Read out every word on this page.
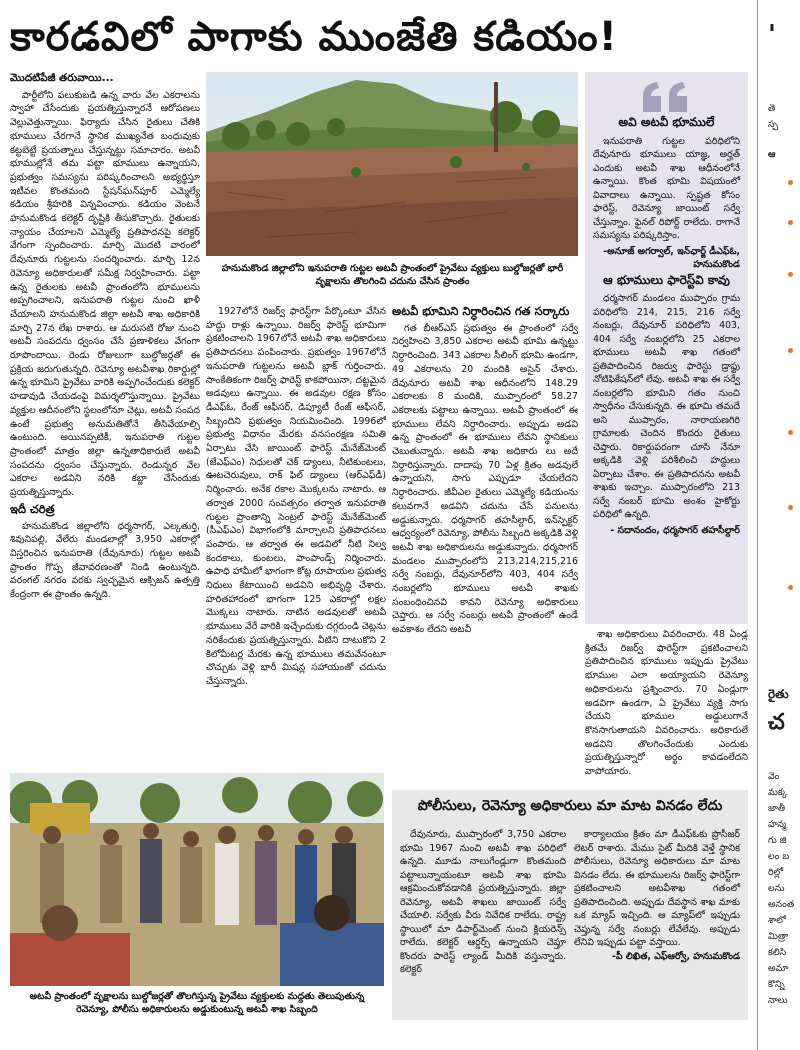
కారడవిలో పాగాకు ముంజేతి కడియం!

మొదటిపేజీ తరువాయి...

పార్టీలోని పలుకుబడి ఉన్న వారు వేల ఎకరాలను స్వాహా చేసేందుకు ప్రయత్నిస్తున్నారనే ఆరోపణలు వెల్లువెత్తున్నాయి. ఫిర్యాదు చేసిన రైతులు చేతికి భూములు చేరగానే స్థానిక ముఖ్యనేత బంధువుకు కట్టబెట్టే ప్రయత్నాలు చేస్తున్నట్టు సమాచారం. అటవీ భూముల్లోనే తమ పట్టా భూములు ఉన్నాయని, ప్రభుత్వం సమస్యను పరిష్కరించాలని అభ్యర్థిస్తూ ఇటీవల కొంతమంది స్టేషన్‌ఘన్‌పూర్ ఎమ్మెల్యే కడియం శ్రీహరికి విన్నవించారు. కడియం వెంటనే హనుమకొండ కలెక్టర్ దృష్టికి తీసుకొచ్చారు. రైతులకు న్యాయం చేయాలని ఎమ్మెల్యే ప్రతిపాదనపై కలెక్టర్ వేగంగా స్పందించారు. మార్చి మొదటి వారంలో దేవునూరు గుట్టలను సందర్శించారు. మార్చి 12న రెవెన్యూ అధికారులతో సమీక్ష నిర్వహించారు. పట్టా ఉన్న రైతులకు అటవీ ప్రాంతంలోని భూములను అప్పగించాలని, ఇనుపరాతి గుట్టల నుంచి ఖాళీ చేయాలని హనుమకొండ జిల్లా అటవీ శాఖ అధికారికి మార్చి 27న లేఖ రాశారు. ఆ మరుసటి రోజు నుంచి అటవీ సంపదను ధ్వంసం చేసే ప్రణాళికలు వేగంగా రూపొందాయి. రెండు రోజులుగా బుల్డోజర్లతో ఈ ప్రక్రియ జరుగుతున్నది. రెవెన్యూ అటవీశాఖ రికార్డుల్లో ఉన్న భూమిని ప్రైవేటు వారికి అప్పగించేందుకు కలెక్టర్ హడావుడి చేయడంపై విమర్శలొస్తున్నాయి. ప్రైవేటు వ్యక్తుల ఆదీనంలోని స్థలంలోనూ చెట్లు, అటవీ సంపద ఉంటే ప్రభుత్వ అనుమతితోనే తీసివేయాల్సి ఉంటుంది. అయినప్పటికీ, ఇనుపరాతి గుట్టల ప్రాంతంలో మాత్రం జిల్లా ఉన్నతాధికారులే అటవీ సంపదను ధ్వంసం చేస్తున్నారు. రెండున్నర వేల ఎకరాల అడవిని నరికి కబ్జా చేసేందుకు ప్రయత్నిస్తున్నారు.

ఇదీ చరిత్ర

హనుమకొండ జిల్లాలోని ధర్మసాగర్, ఎల్కతుర్తి, శివునిపల్లి, వేలేరు మండలాల్లో 3,950 ఎకరాల్లో విస్తరించిన ఇనుపరాతి (దేవునూరు) గుట్టల అటవీ ప్రాంతం గొప్ప జీవావరణంతో నిండి ఉంటున్నది. వరంగల్ నగరం వరకు స్వచ్ఛమైన ఆక్సిజన్ ఉత్పత్తి కేంద్రంగా ఈ ప్రాంతం ఉన్నది.

హనుమకొండ జిల్లాలోని ఇనుపరాతి గుట్టల అటవీ ప్రాంతంలో ప్రైవేటు వ్యక్తులు బుల్డోజర్లతో భారీ వృక్షాలను తొలగించి చదును చేసిన ప్రాంతం

1927లోనే రిజర్వ్ ఫారెస్ట్‌గా పేర్కొంటూ వేసిన హద్దు రాళ్లు ఉన్నాయి. రిజర్వ్ ఫారెస్ట్ భూమిగా ప్రకటించాలని 1967లోనే అటవీ శాఖ అధికారులు ప్రతిపాదనలు పంపించారు. ప్రభుత్వం 1967లోనే ఇనుపరాతి గుట్టలను అటవీ బ్లాక్ గుర్తించారు. సాంకేతికంగా రిజర్వ్ ఫారెస్ట్ కాకపోయినా, దట్టమైన అడవులు ఉన్నాయి. ఈ అడవుల రక్షణ కోసం డీఎఫ్‌ఓ, రేంజ్ ఆఫీసర్, డిప్యూటీ రేంజ్ ఆఫీసర్, సిబ్బందిని ప్రభుత్వం నియమించింది. 1996లో ప్రభుత్వ విధానం మేరకు వనసంరక్షణ సమితి ఏర్పాటు చేసి జాయింట్ ఫారెస్ట్ మేనేజ్‌మెంట్ (జేఎఫ్ఎం) నిధులతో చెక్ డ్యాంలు, నీటికుంటలు, ఊటచెరువులు, రాక్ ఫిల్ డ్యాంలు (ఆర్ఎఫ్‌డీ) నిర్మించారు. అనేక రకాల మొక్కలను నాటారు. ఆ తర్వాత 2000 సంవత్సరం తర్వాత ఇనుపరాతి గుట్టల ప్రాంతాన్ని సెంట్రల్ ఫారెస్ట్ మేనేజ్‌మెంట్ (సీఎఫ్ఎం) విభాగంలోకి మార్చాలని ప్రతిపాదనలు పంపారు. ఆ తర్వాత ఈ అడవిలో నీటి నిల్వ కందకాలు, కుంటలు, పాంపాండ్స్ నిర్మించారు. ఉపాధి హామీలో భాగంగా కోట్ల రూపాయల ప్రభుత్వ నిధులు కేటాయించి అడవిని అభివృద్ధి చేశారు. హరితహారంలో భాగంగా 125 ఎకరాల్లో లక్షల మొక్కలు నాటారు. నాటిన అడవులతో అటవీ భూములు వేరే వారికి ఇచ్చేందుకు దగ్గరుండి చెట్లను నరికేందుకు ప్రయత్నిస్తున్నారు. వీటిని దాటుకొని 2 కిలోమీటర్ల మేరకు ఉన్న భూములు తమవేనంటూ చొచ్చుకు వెళ్లి భారీ మిషన్ల సహాయంతో చదును చేస్తున్నారు.

అటవీ భూమిని నిర్ధారించిన గత సర్కారు

గత బీఆర్ఎస్ ప్రభుత్వం ఈ ప్రాంతంలో సర్వే నిర్వహించి 3,850 ఎకరాల అటవీ భూమి ఉన్నట్టు నిర్ధారించింది. 343 ఎకరాల సీలింగ్ భూమి ఉండగా, 49 ఎకరాలను 20 మందికి అసైన్ చేశారు. దేవునూరు అటవీ శాఖ ఆధీనంలోని 148.29 ఎకరాలకు 8 మందికి, ముప్పారంలో 58.27 ఎకరాలకు పట్టాలు ఉన్నాయి. అటవీ ప్రాంతంలో ఈ భూములు లేవని నిర్ధారించారు. అప్పుడు అడవి ఉన్న ప్రాంతంలో ఈ భూములు లేవని స్థానికులు చెబుతున్నారు. అటవీ శాఖ అధికారు లు అదే నిర్ధారిస్తున్నారు. దాదాపు 70 ఏళ్ల క్రితం అడవులే ఉన్నాయని, సాగు ఎప్పుడూ చేయలేదని నిర్ధారించారు. జీవీఎల రైతులు ఎమ్మెల్యే కడియంను కలువగానే అడవిని చదును చేసే పనులను అడ్డుకున్నారు. ధర్మసాగర్ తహసీల్దార్, ఇన్‌స్పెక్టర్ ఆధ్వర్యంలో రెవెన్యూ, పోలీసు సిబ్బంది అక్కడికి వెళ్లి అటవీ శాఖ అధికారులను అడ్డుకున్నారు. ధర్మసాగర్ మండలం ముప్పారంలోని 213,214,215,216 సర్వే నంబర్లు, దేవునూర్‌లోని 403, 404 సర్వే నంబర్లలోని భూములు అటవీ శాఖకు సంబంధించినవి కావని రెవెన్యూ అధికారులు చెప్తారు. ఆ సర్వే నంబర్లు అటవీ ప్రాంతంలో ఉండే అవకాశం లేదని అటవీ

అవి అటవీ భూములే

ఇనుపరాతి గుట్టల పరిధిలోని దేవునూరు భూములు యాజ్ఞ, అర్హత్ ఎందుకు అటవీ శాఖ ఆధీనంలోనే ఉన్నాయి. కొంత భూమి విషయంలో వివాదాలు ఉన్నాయి. స్పష్టత కోసం ఫారెస్ట్, రెవెన్యూ జాయింట్ సర్వే చేస్తున్నాం. ఫైనల్ రిపోర్ట్ రాలేదు. రాగానే సమస్యను పరిష్కరిస్తాం.

-అనూజ్ అగర్వాల్, ఇన్‌ఛార్జ్ డీఎఫ్‌ఓ, హనుమకొండ

ఆ భూములు ఫారెస్ట్‌వి కావు

ధర్మసాగర్ మండలం ముప్పారం గ్రామ పరిధిలోని 214, 215, 216 సర్వే నంబర్లు, దేవునూర్ పరిధిలోని 403, 404 సర్వే నంబర్లలోని 25 ఎకరాల భూములు అటవీ శాఖ గతంలో ప్రతిపాదించిన రిజర్వు ఫారెస్టు డ్రాఫ్టు నోటిఫికేషన్‌లో లేవు. అటవీ శాఖ ఈ సర్వే నంబర్లలోని భూమిని గతం నుంచి స్వాధీనం చేసుకున్నది. ఈ భూమి తమదే అని ముప్పారం, నారాయణగిరి గ్రామాలకు చెందిన కొందరు రైతులు చెప్తారు. రికార్డుపరంగా చూసి నేనూ అక్కడికి వెళ్లి పరిశీలించి హద్దులు ఏర్పాటు చేశాం. ఈ ప్రతిపాదనను అటవీ శాఖకు ఇచ్చాం. ముప్పారంలోని 213 సర్వే నంబర్ భూమి అంశం హైకోర్టు పరిధిలో ఉన్నది.

- సదానందం, ధర్మసాగర్ తహసీల్దార్

శాఖ అధికారులు వివరించారు. 48 ఏండ్ల క్రితమే రిజర్వ్ ఫారెస్ట్‌గా ప్రకటించాలని ప్రతిపాదించిన భూములు ఇప్పుడు ప్రైవేటు భూముల ఎలా అయ్యాయని రెవెన్యూ అధికారులను ప్రశ్నించారు. 70 ఏండ్లుగా అడవిగా ఉండగా, ఏ ప్రైవేటు వ్యక్తి సాగు చేయని భూముల అడ్డులుగానే కొనసాగుతాయని వివరించారు. అధికారులే అడవిని తొలగించేందుకు ఎందుకు ప్రయత్నిస్తున్నారో అర్థం కావడంలేదని వాపోయారు.

అటవీ ప్రాంతంలో వృక్షాలను బుల్డోజర్లతో తొలగిస్తున్న ప్రైవేటు వ్యక్తులకు మద్దతు తెలుపుతున్న రెవెన్యూ, పోలీసు అధికారులను అడ్డుకుంటున్న అటవీ శాఖ సిబ్బంది
పోలీసులు, రెవెన్యూ అధికారులు మా మాట వినడం లేదు

దేవునూరు, ముప్పారంలో 3,750 ఎకరాల భూమి 1967 నుంచి అటవీ శాఖ పరిధిలో ఉన్నది. మూడు నాలుగేండ్లుగా కొంతమంది పట్టాలున్నాయంటూ అటవీ శాఖ భూమి ఆక్రమించుకోవడానికి ప్రయత్నిస్తున్నారు. జిల్లా రెవెన్యూ, అటవీ శాఖలు జాయింట్ సర్వే చేయాలి. సర్వేకు వీరు నివేదిక రాలేదు. రాష్ట్ర స్థాయిలో మా డిపార్ట్‌మెంట్ నుంచి క్లియరెన్స్ రాలేదు. కలెక్టర్ ఆర్డర్స్ ఉన్నాయని చెప్తూ కొందరు పారెస్ట్ ల్యాండ్ మీదికి వస్తున్నారు. కలెక్టర్

కార్యాలయం క్రితం మా డీఎఫ్‌ఓకు ప్రొసీజర్ లెటర్ రాశారు. మేము సైట్ మీదికి వెళ్తే స్థానిక పోలీసులు, రెవెన్యూ అధికారులు మా మాట వినడం లేదు. ఈ భూములను రిజర్వ్ ఫారెస్ట్‌గా ప్రకటించాలని అటవీశాఖ గతంలో ప్రతిపాదించింది. అప్పుడు దేవస్థాన శాఖ మాకు ఒక మ్యాప్ ఇచ్చింది. ఆ మ్యాప్‌లో ఇప్పుడు చెప్తున్న సర్వే నంబర్లు లేవేలేవు. అప్పుడు లేనివి ఇప్పుడు పట్టా వస్తాయి.

-పీ లిఖిత, ఎఫ్ఆర్వో, హనుమకొండ

'
తె
స్ప
ఆ
రైతు
చ
వెం
మక్క
జాతీ
హన్మ
గు జి
లం బ
రిల్లో
లను
అనంత
శాలో
మిత్రా
కలిసి
అమా
కొన్ని
నాలు
